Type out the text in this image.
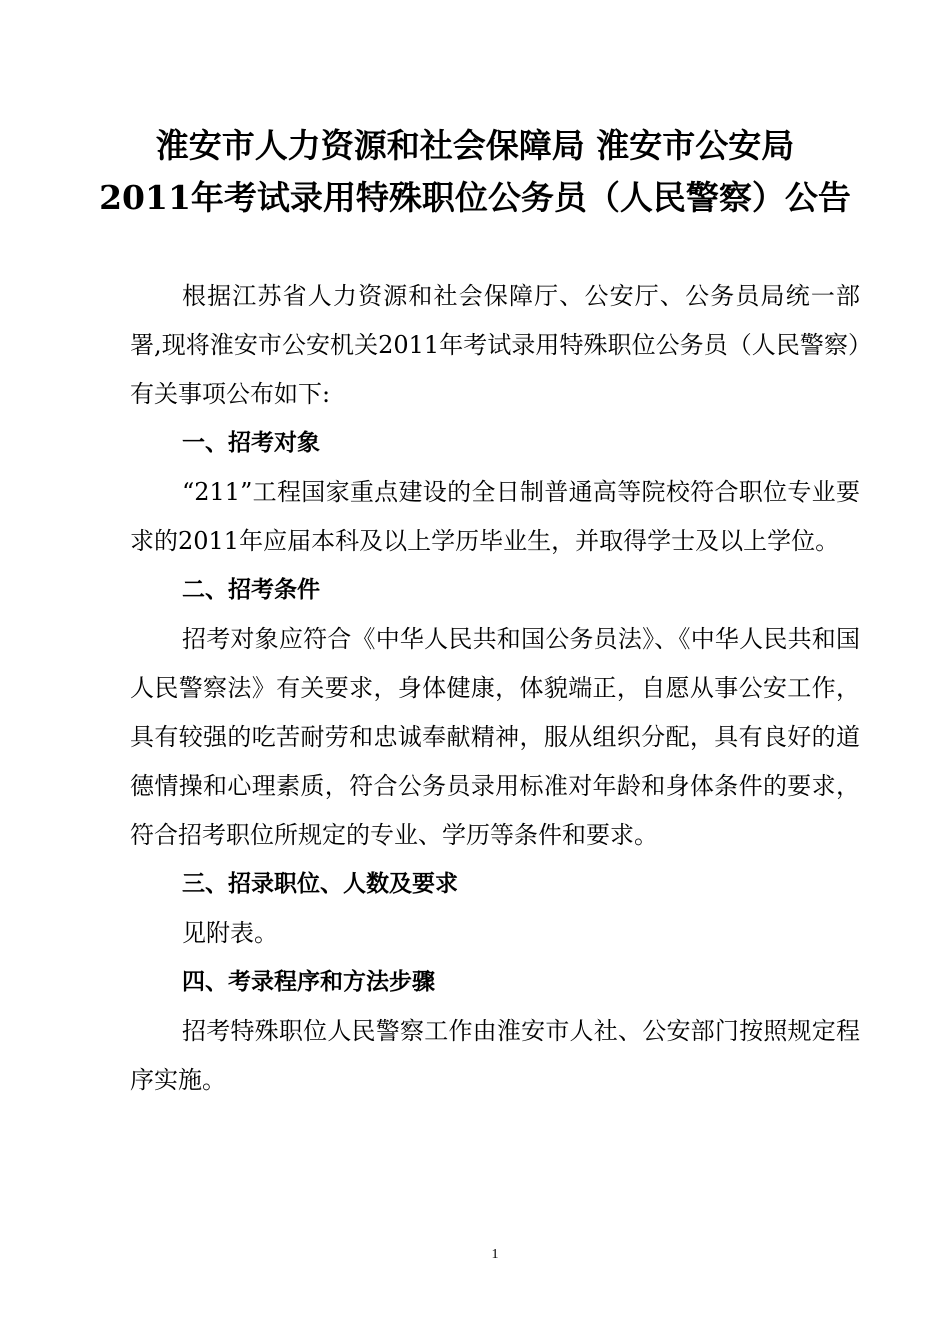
淮安市人力资源和社会保障局 淮安市公安局
2011年考试录用特殊职位公务员（人民警察）公告

根据江苏省人力资源和社会保障厅、公安厅、公务员局统一部署,现将淮安市公安机关2011年考试录用特殊职位公务员（人民警察）有关事项公布如下:

一、招考对象

“211”工程国家重点建设的全日制普通高等院校符合职位专业要求的2011年应届本科及以上学历毕业生，并取得学士及以上学位。

二、招考条件

招考对象应符合《中华人民共和国公务员法》、《中华人民共和国人民警察法》有关要求，身体健康，体貌端正，自愿从事公安工作，具有较强的吃苦耐劳和忠诚奉献精神，服从组织分配，具有良好的道德情操和心理素质，符合公务员录用标准对年龄和身体条件的要求，符合招考职位所规定的专业、学历等条件和要求。

三、招录职位、人数及要求

见附表。

四、考录程序和方法步骤

招考特殊职位人民警察工作由淮安市人社、公安部门按照规定程序实施。

1
